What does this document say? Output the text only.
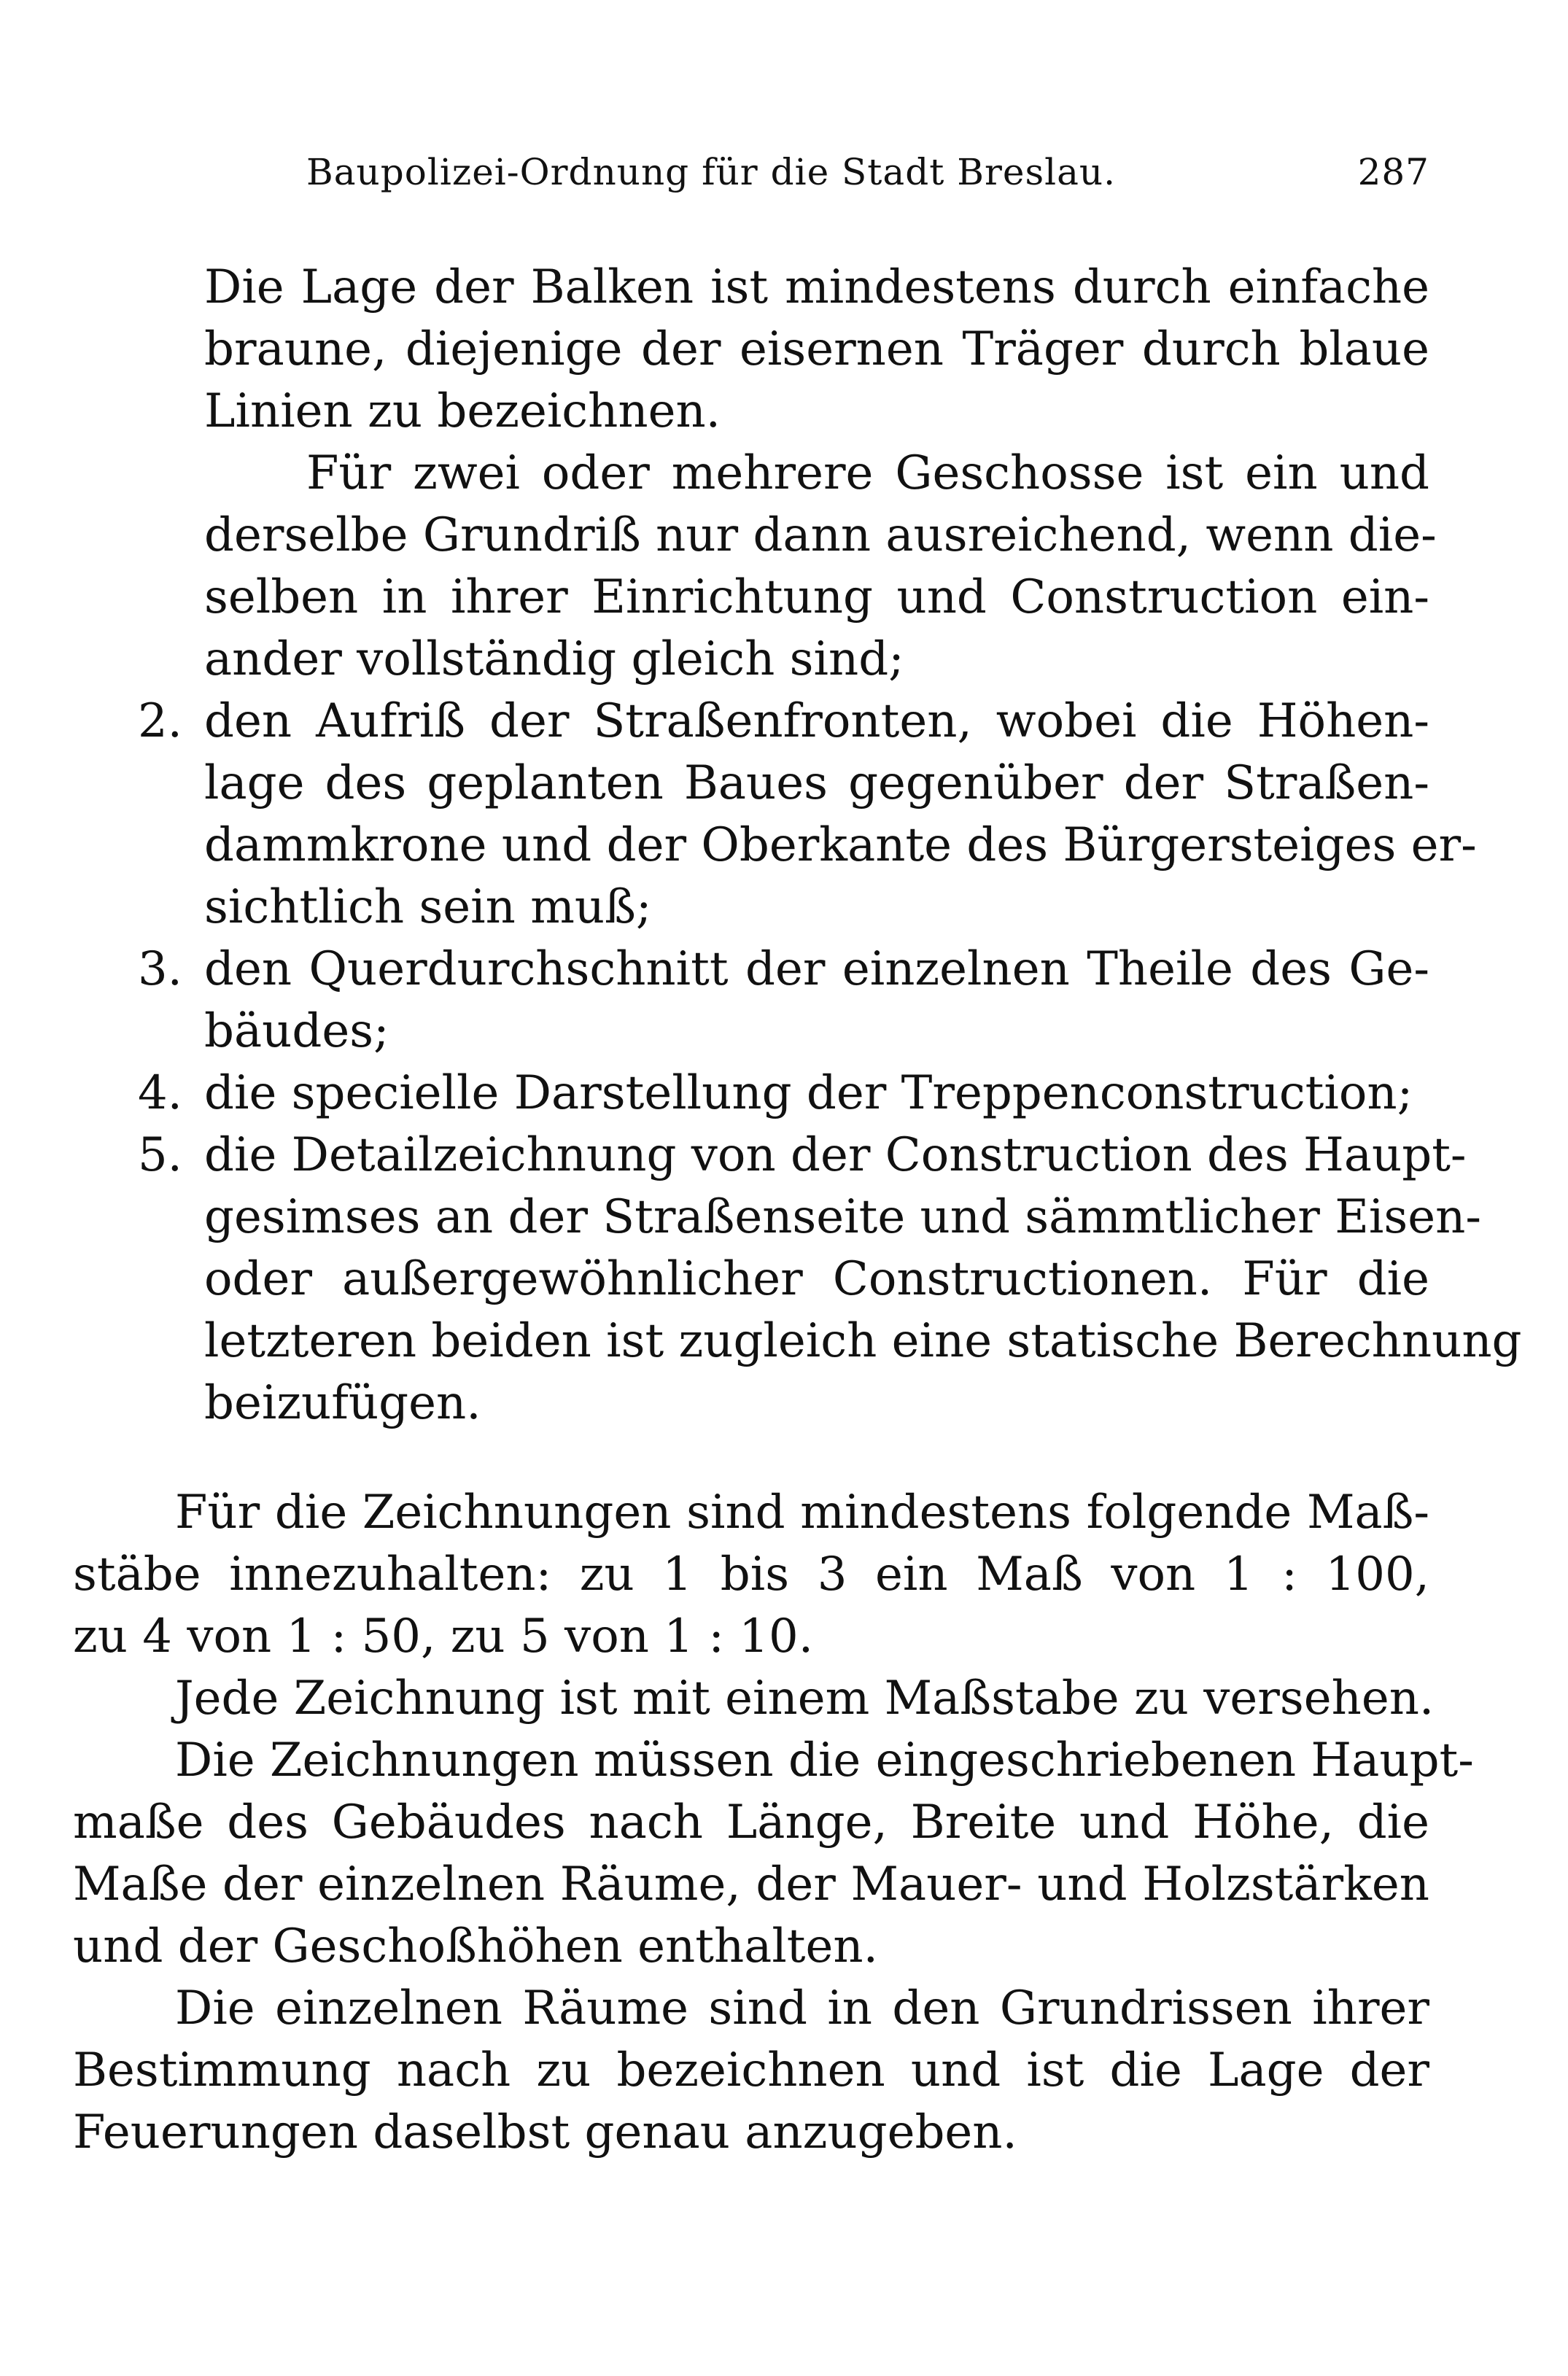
Baupolizei-Ordnung für die Stadt Breslau.	287
Die Lage der Balken ist mindestens durch einfache
braune, diejenige der eisernen Träger durch blaue
Linien zu bezeichnen.
Für zwei oder mehrere Geschosse ist ein und
derselbe Grundriß nur dann ausreichend, wenn die-
selben in ihrer Einrichtung und Construction ein-
ander vollständig gleich sind;
2. den Aufriß der Straßenfronten, wobei die Höhen-
lage des geplanten Baues gegenüber der Straßen-
dammkrone und der Oberkante des Bürgersteiges er-
sichtlich sein muß;
3. den Querdurchschnitt der einzelnen Theile des Ge-
bäudes;
4. die specielle Darstellung der Treppenconstruction;
5. die Detailzeichnung von der Construction des Haupt-
gesimses an der Straßenseite und sämmtlicher Eisen-
oder außergewöhnlicher Constructionen. Für die
letzteren beiden ist zugleich eine statische Berechnung
beizufügen.
Für die Zeichnungen sind mindestens folgende Maß-
stäbe innezuhalten: zu 1 bis 3 ein Maß von 1 : 100,
zu 4 von 1 : 50, zu 5 von 1 : 10.
Jede Zeichnung ist mit einem Maßstabe zu versehen.
Die Zeichnungen müssen die eingeschriebenen Haupt-
maße des Gebäudes nach Länge, Breite und Höhe, die
Maße der einzelnen Räume, der Mauer- und Holzstärken
und der Geschoßhöhen enthalten.
Die einzelnen Räume sind in den Grundrissen ihrer
Bestimmung nach zu bezeichnen und ist die Lage der
Feuerungen daselbst genau anzugeben.
